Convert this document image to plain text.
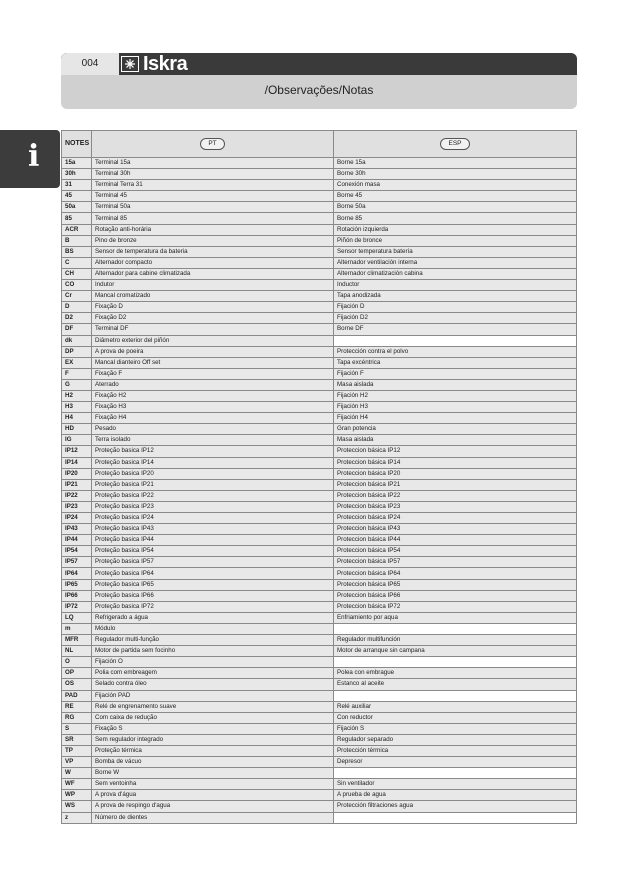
004	Iskra
/Observações/Notas
i	NOTES	PT	ESP
15a	Terminal 15a	Borne 15a
30h	Terminal 30h	Borne 30h
31	Terminal Terra 31	Conexión masa
45	Terminal 45	Borne 45
50a	Terminal 50a	Borne 50a
85	Terminal 85	Borne 85
ACR	Rotação anti-horária	Rotación izquierda
B	Pino de bronze	Piñón de bronce
BS	Sensor de temperatura da bateria	Sensor temperatura batería
C	Alternador compacto	Alternador ventilación interna
CH	Alternador para cabine climatizada	Alternador climatización cabina
CO	Indutor	Inductor
Cr	Mancal cromatizado	Tapa anodizada
D	Fixação D	Fijación D
D2	Fixação D2	Fijación D2
DF	Terminal DF	Borne DF
dk	Diâmetro exterior del piñón	
DP	A prova de poeira	Protección contra el polvo
EX	Mancal dianteiro Off set	Tapa excéntrica
F	Fixação F	Fijación F
G	Aterrado	Masa aislada
H2	Fixação H2	Fijación H2
H3	Fixação H3	Fijación H3
H4	Fixação H4	Fijación H4
HD	Pesado	Gran potencia
IG	Terra isolado	Masa aislada
IP12	Proteção basica IP12	Proteccion básica IP12
IP14	Proteção basica IP14	Proteccion básica IP14
IP20	Proteção basica IP20	Proteccion básica IP20
IP21	Proteção basica IP21	Proteccion básica IP21
IP22	Proteção basica IP22	Proteccion básica IP22
IP23	Proteção basica IP23	Proteccion básica IP23
IP24	Proteção basica IP24	Proteccion básica IP24
IP43	Proteção basica IP43	Proteccion básica IP43
IP44	Proteção basica IP44	Proteccion básica IP44
IP54	Proteção basica IP54	Proteccion básica IP54
IP57	Proteção basica IP57	Proteccion básica IP57
IP64	Proteção basica IP64	Proteccion básica IP64
IP65	Proteção basica IP65	Proteccion básica IP65
IP66	Proteção basica IP66	Proteccion básica IP66
IP72	Proteção basica IP72	Proteccion básica IP72
LQ	Refrigerado a água	Enfriamiento por aqua
m	Módulo	
MFR	Regulador multi-função	Regulador multifunción
NL	Motor de partida sem focinho	Motor de arranque sin campana
O	Fijación O	
OP	Polia com embreagem	Polea con embrague
OS	Selado contra óleo	Estanco al aceite
PAD	Fijación PAD	
RE	Relé de engrenamento suave	Relé auxiliar
RG	Com caixa de redução	Con reductor
S	Fixação S	Fijación S
SR	Sem regulador integrado	Regulador separado
TP	Proteção térmica	Protección térmica
VP	Bomba de vácuo	Depresor
W	Borne W	
WF	Sem ventoinha	Sin ventilador
WP	A prova d'água	A prueba de agua
WS	A prova de respingo d'agua	Protección filtraciones agua
z	Número de dientes	
